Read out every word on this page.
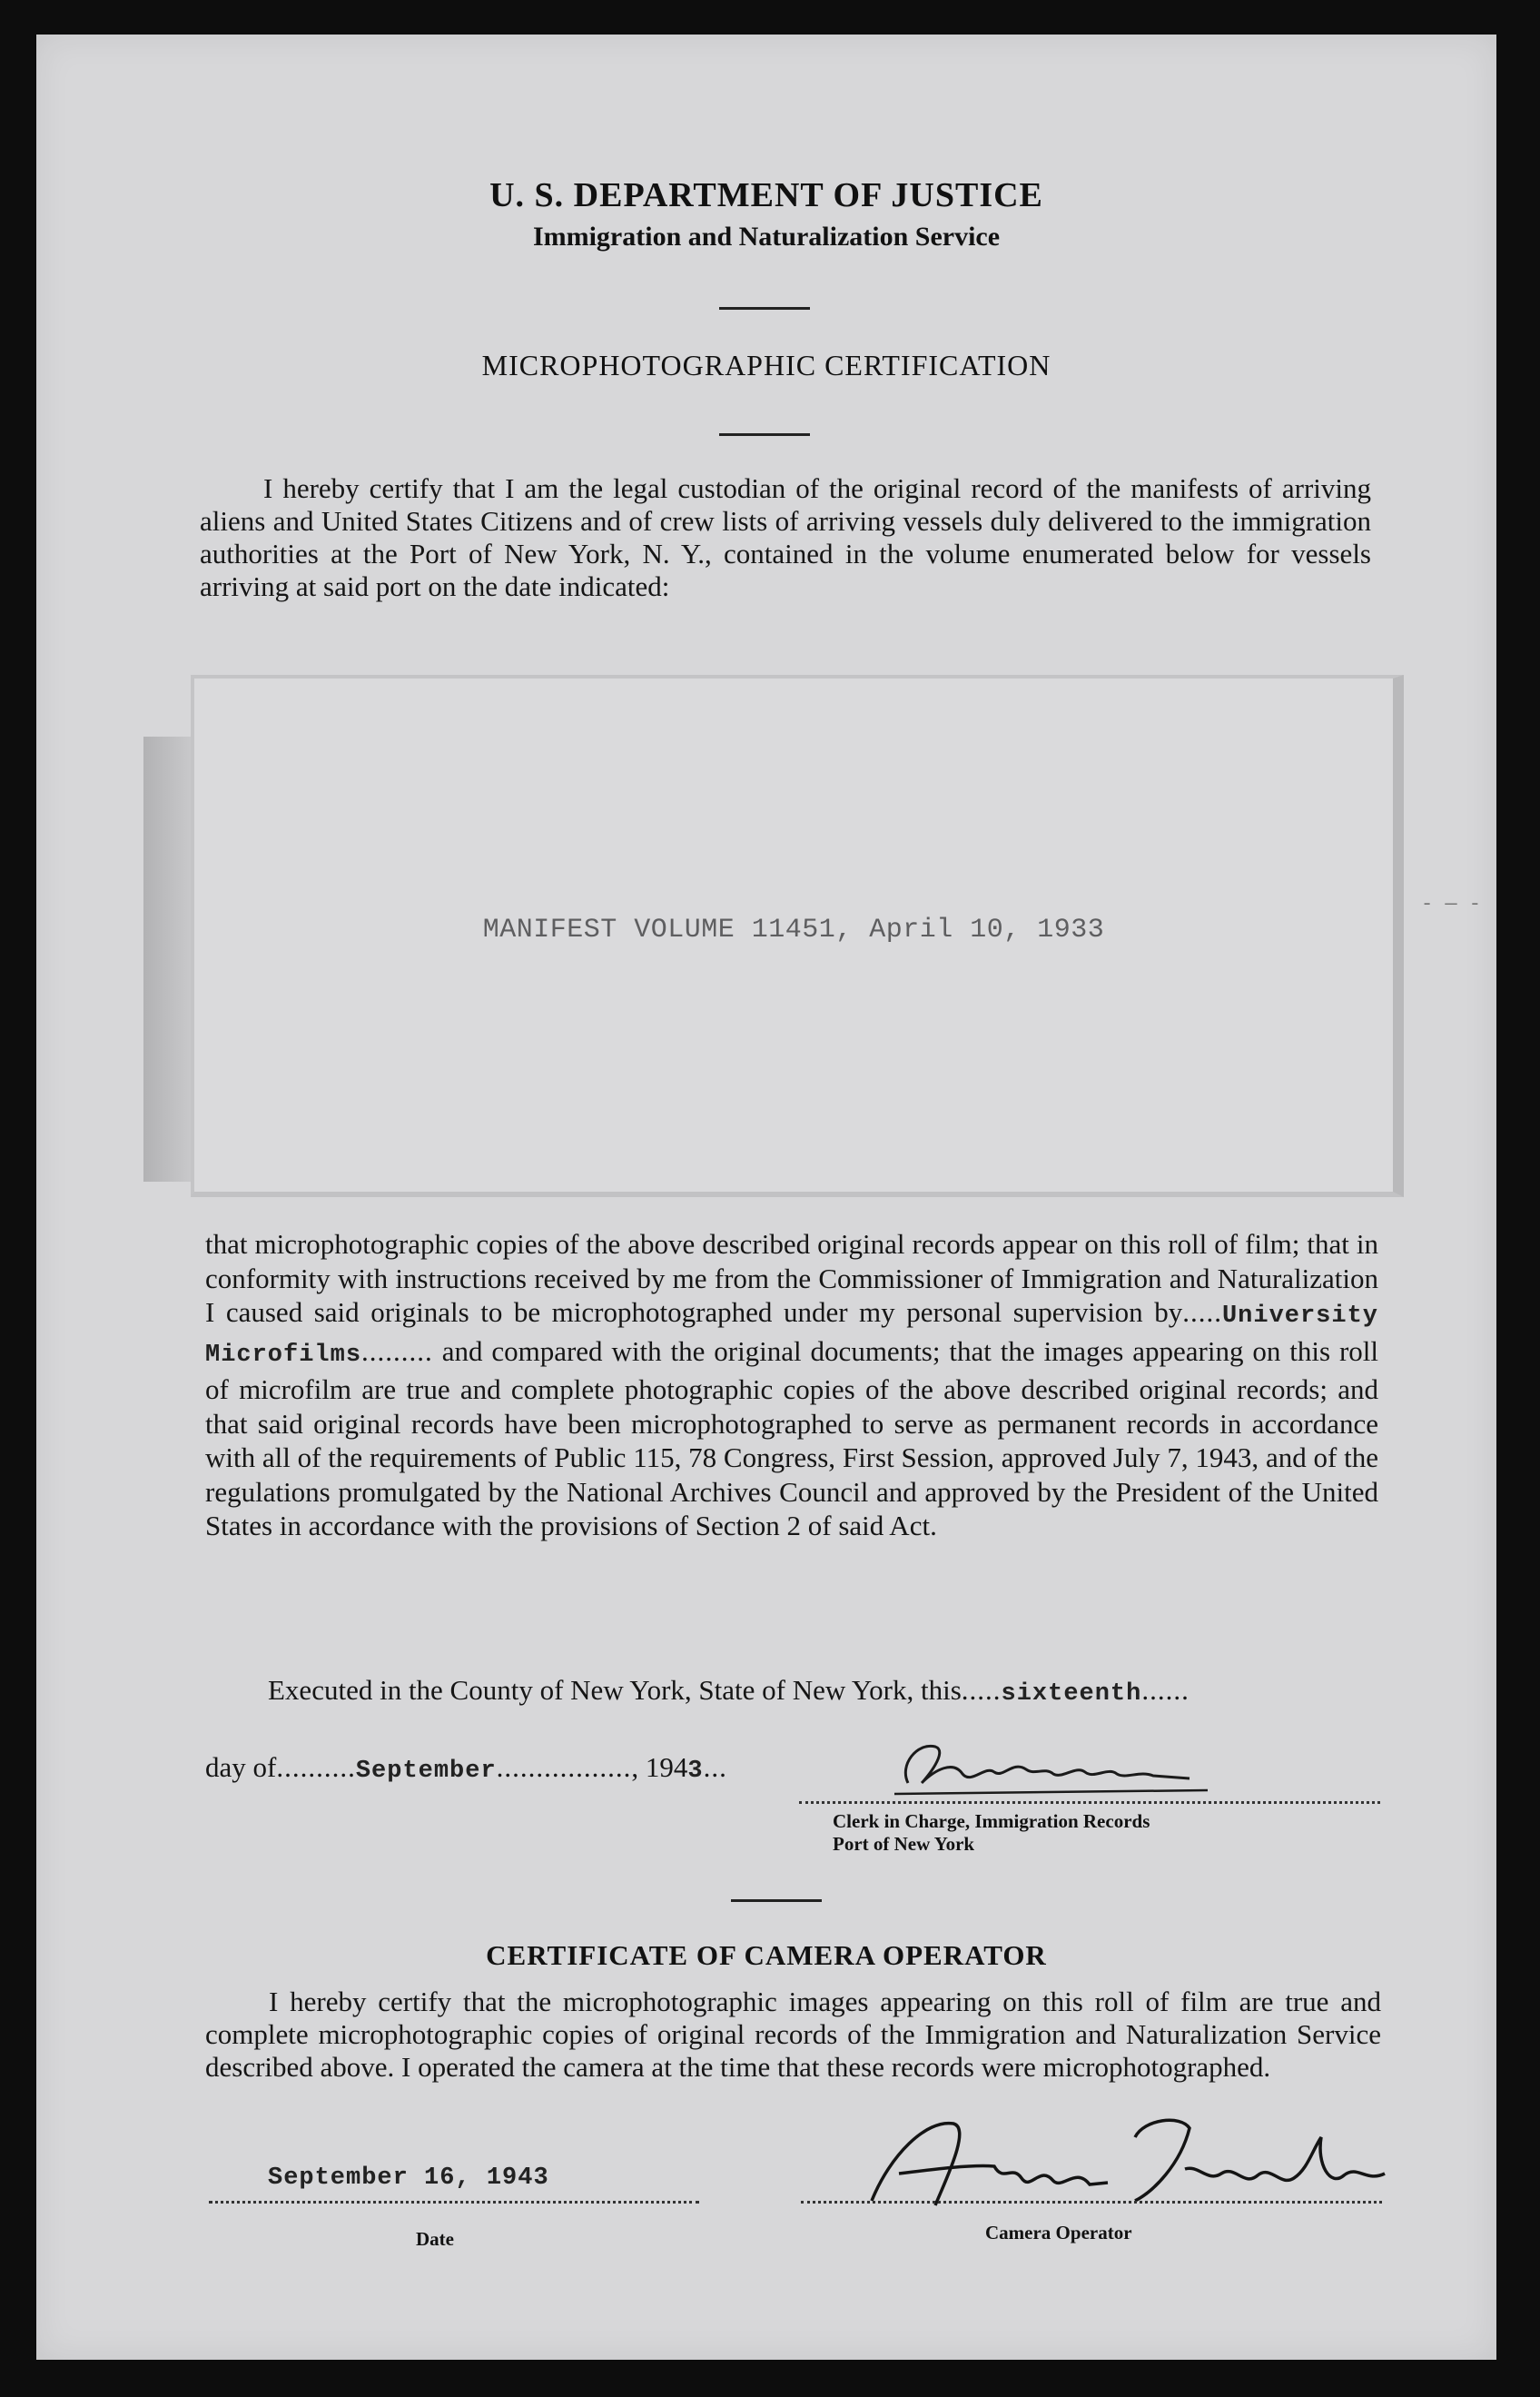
U. S. DEPARTMENT OF JUSTICE
Immigration and Naturalization Service
MICROPHOTOGRAPHIC CERTIFICATION
I hereby certify that I am the legal custodian of the original record of the manifests of arriving aliens and United States Citizens and of crew lists of arriving vessels duly delivered to the immigration authorities at the Port of New York, N. Y., contained in the volume enumerated below for vessels arriving at said port on the date indicated:
MANIFEST VOLUME 11451, April 10, 1933
- — -
that microphotographic copies of the above described original records appear on this roll of film; that in conformity with instructions received by me from the Commissioner of Immigration and Naturalization I caused said originals to be microphotographed under my personal supervision by.....University Microfilms......... and compared with the original documents; that the images appearing on this roll of microfilm are true and complete photographic copies of the above described original records; and that said original records have been microphotographed to serve as permanent records in accordance with all of the requirements of Public 115, 78 Congress, First Session, approved July 7, 1943, and of the regulations promulgated by the National Archives Council and approved by the President of the United States in accordance with the provisions of Section 2 of said Act.
Executed in the County of New York, State of New York, this.....sixteenth......
day of..........September................., 1943...
Clerk in Charge, Immigration Records
Port of New York
CERTIFICATE OF CAMERA OPERATOR
I hereby certify that the microphotographic images appearing on this roll of film are true and complete microphotographic copies of original records of the Immigration and Naturalization Service described above. I operated the camera at the time that these records were microphotographed.
September 16, 1943
Date	Camera Operator
